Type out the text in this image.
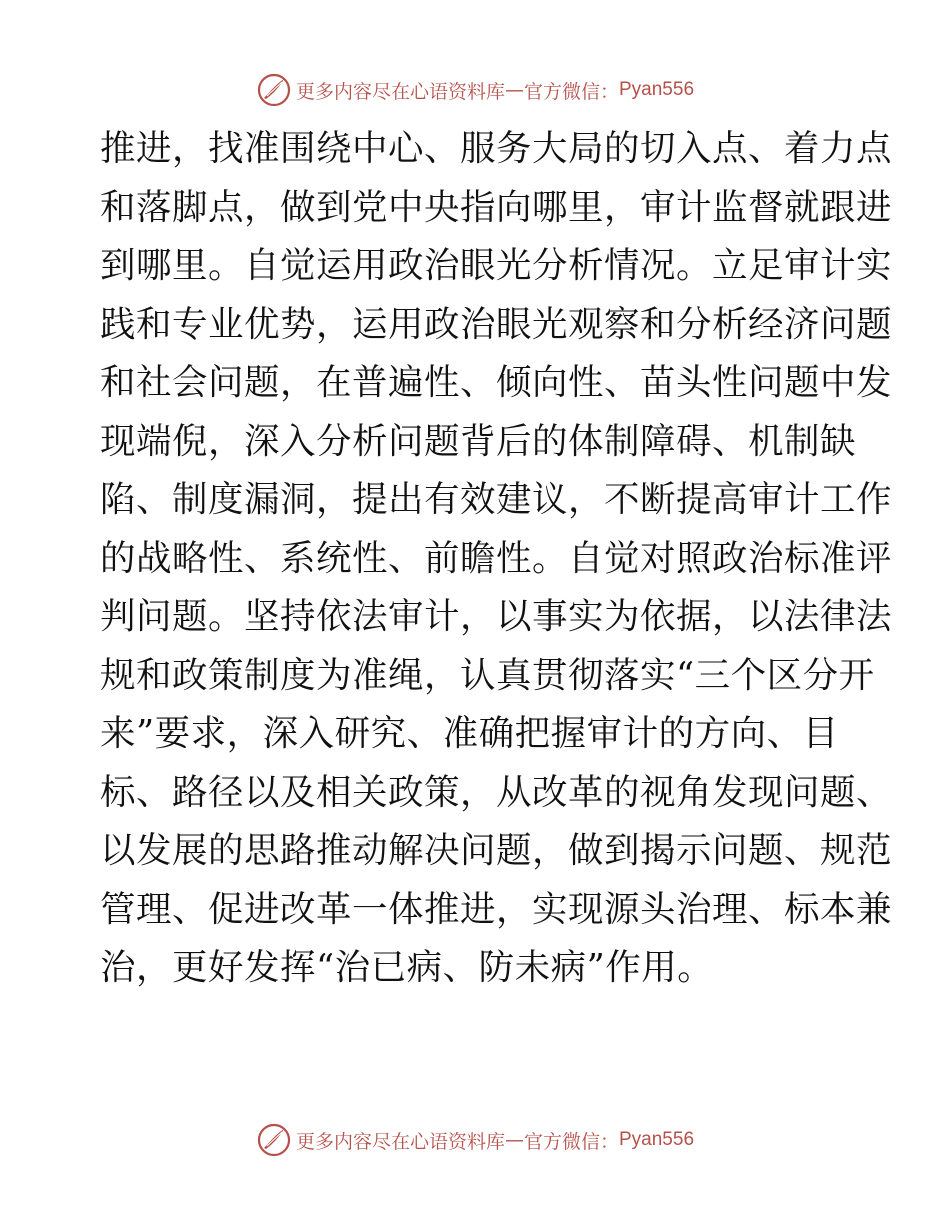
更多内容尽在心语资料库 — 官方微信： Pyan556
推进，找准围绕中心、服务大局的切入点、着力点
和落脚点，做到党中央指向哪里，审计监督就跟进
到哪里。自觉运用政治眼光分析情况。立足审计实
践和专业优势，运用政治眼光观察和分析经济问题
和社会问题，在普遍性、倾向性、苗头性问题中发
现端倪，深入分析问题背后的体制障碍、机制缺
陷、制度漏洞，提出有效建议，不断提高审计工作
的战略性、系统性、前瞻性。自觉对照政治标准评
判问题。坚持依法审计，以事实为依据，以法律法
规和政策制度为准绳，认真贯彻落实“三个区分开
来”要求，深入研究、准确把握审计的方向、目
标、路径以及相关政策，从改革的视角发现问题、
以发展的思路推动解决问题，做到揭示问题、规范
管理、促进改革一体推进，实现源头治理、标本兼
治，更好发挥“治已病、防未病”作用。
更多内容尽在心语资料库 — 官方微信： Pyan556
